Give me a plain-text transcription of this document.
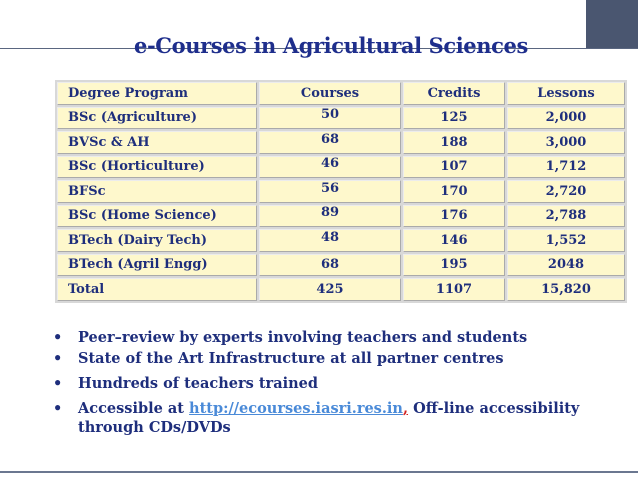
e-Courses in Agricultural Sciences
Degree Program	Courses	Credits	Lessons
BSc (Agriculture)	50	125	2,000
BVSc & AH	68	188	3,000
BSc (Horticulture)	46	107	1,712
BFSc	56	170	2,720
BSc (Home Science)	89	176	2,788
BTech (Dairy Tech)	48	146	1,552
BTech (Agril Engg)	68	195	2048
Total	425	1107	15,820
• Peer–review by experts involving teachers and students
• State of the Art Infrastructure at all partner centres
• Hundreds of teachers trained
• Accessible at http://ecourses.iasri.res.in, Off-line accessibility through CDs/DVDs
